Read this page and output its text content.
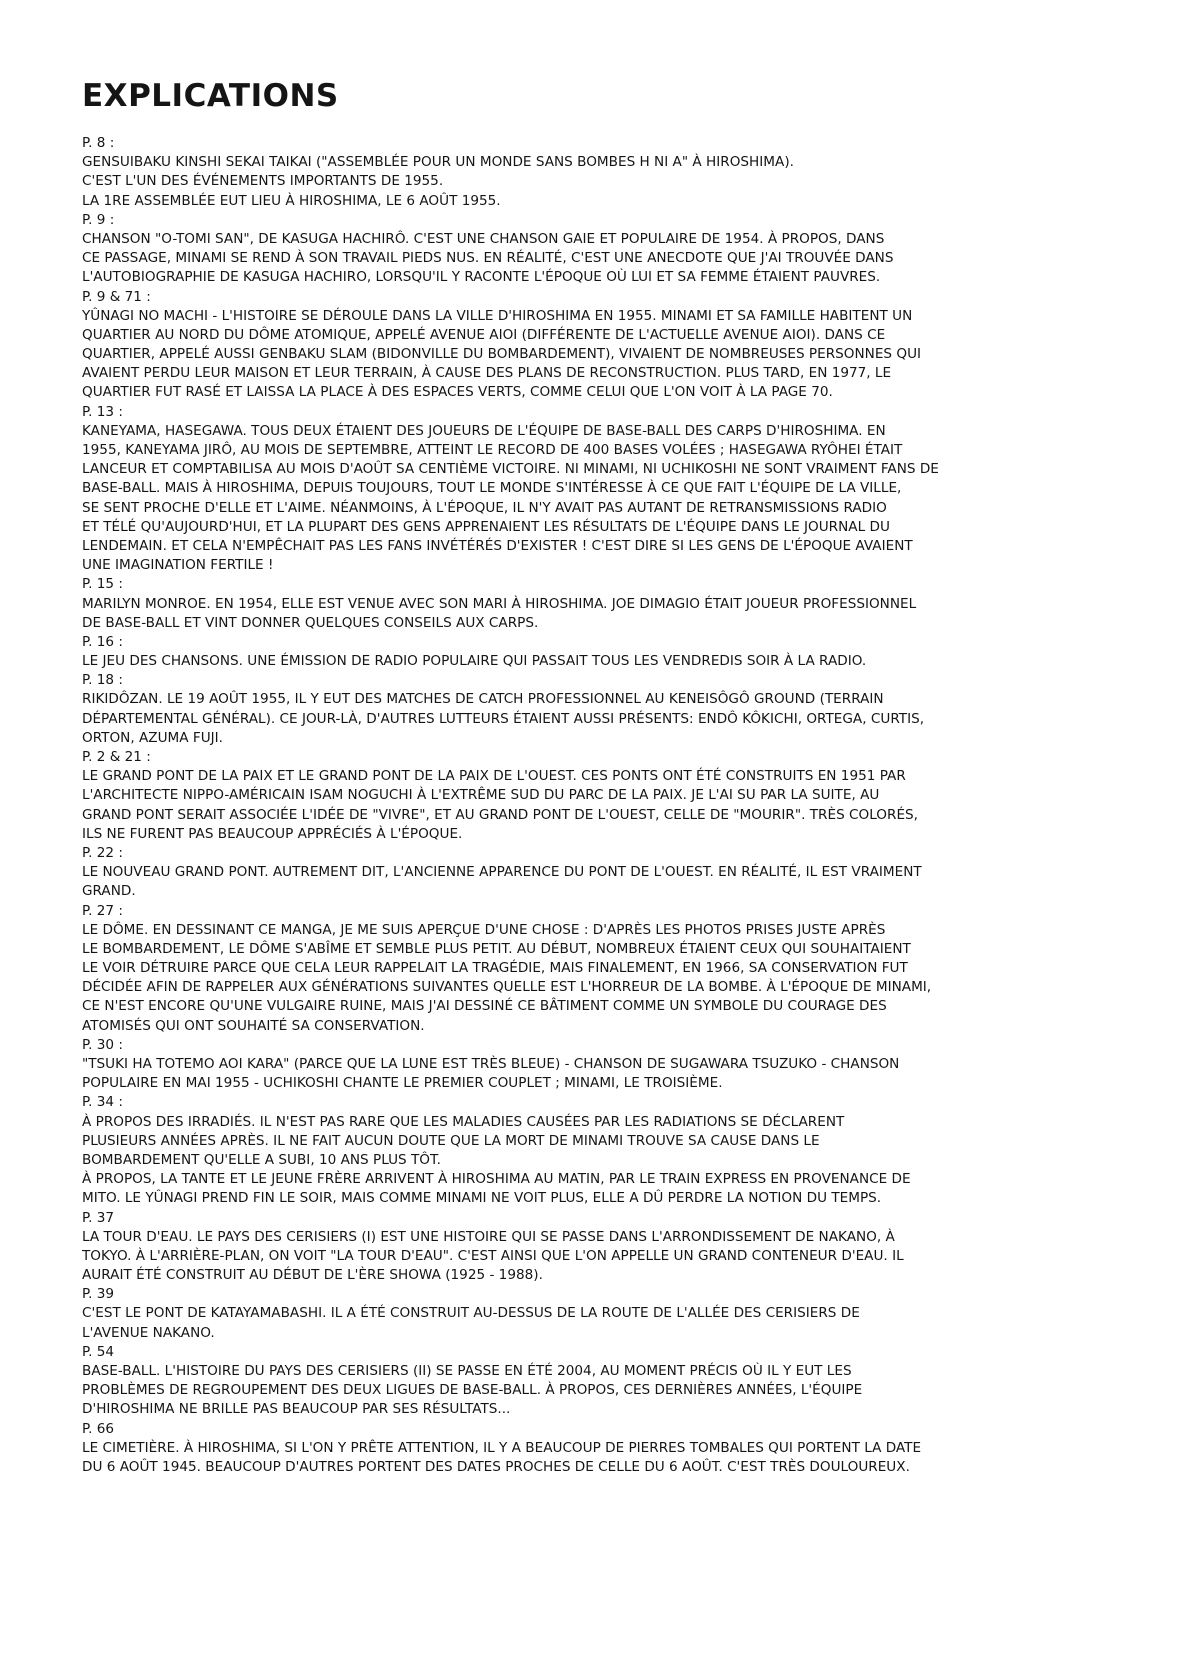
EXPLICATIONS
P. 8 :
GENSUIBAKU KINSHI SEKAI TAIKAI ("ASSEMBLÉE POUR UN MONDE SANS BOMBES H NI A" À HIROSHIMA).
C'EST L'UN DES ÉVÉNEMENTS IMPORTANTS DE 1955.
LA 1RE ASSEMBLÉE EUT LIEU À HIROSHIMA, LE 6 AOÛT 1955.
P. 9 :
CHANSON "O-TOMI SAN", DE KASUGA HACHIRÔ. C'EST UNE CHANSON GAIE ET POPULAIRE DE 1954. À PROPOS, DANS
CE PASSAGE, MINAMI SE REND À SON TRAVAIL PIEDS NUS. EN RÉALITÉ, C'EST UNE ANECDOTE QUE J'AI TROUVÉE DANS
L'AUTOBIOGRAPHIE DE KASUGA HACHIRO, LORSQU'IL Y RACONTE L'ÉPOQUE OÙ LUI ET SA FEMME ÉTAIENT PAUVRES.
P. 9 & 71 :
YÛNAGI NO MACHI - L'HISTOIRE SE DÉROULE DANS LA VILLE D'HIROSHIMA EN 1955. MINAMI ET SA FAMILLE HABITENT UN
QUARTIER AU NORD DU DÔME ATOMIQUE, APPELÉ AVENUE AIOI (DIFFÉRENTE DE L'ACTUELLE AVENUE AIOI). DANS CE
QUARTIER, APPELÉ AUSSI GENBAKU SLAM (BIDONVILLE DU BOMBARDEMENT), VIVAIENT DE NOMBREUSES PERSONNES QUI
AVAIENT PERDU LEUR MAISON ET LEUR TERRAIN, À CAUSE DES PLANS DE RECONSTRUCTION. PLUS TARD, EN 1977, LE
QUARTIER FUT RASÉ ET LAISSA LA PLACE À DES ESPACES VERTS, COMME CELUI QUE L'ON VOIT À LA PAGE 70.
P. 13 :
KANEYAMA, HASEGAWA. TOUS DEUX ÉTAIENT DES JOUEURS DE L'ÉQUIPE DE BASE-BALL DES CARPS D'HIROSHIMA. EN
1955, KANEYAMA JIRÔ, AU MOIS DE SEPTEMBRE, ATTEINT LE RECORD DE 400 BASES VOLÉES ; HASEGAWA RYÔHEI ÉTAIT
LANCEUR ET COMPTABILISA AU MOIS D'AOÛT SA CENTIÈME VICTOIRE. NI MINAMI, NI UCHIKOSHI NE SONT VRAIMENT FANS DE
BASE-BALL. MAIS À HIROSHIMA, DEPUIS TOUJOURS, TOUT LE MONDE S'INTÉRESSE À CE QUE FAIT L'ÉQUIPE DE LA VILLE,
SE SENT PROCHE D'ELLE ET L'AIME. NÉANMOINS, À L'ÉPOQUE, IL N'Y AVAIT PAS AUTANT DE RETRANSMISSIONS RADIO
ET TÉLÉ QU'AUJOURD'HUI, ET LA PLUPART DES GENS APPRENAIENT LES RÉSULTATS DE L'ÉQUIPE DANS LE JOURNAL DU
LENDEMAIN. ET CELA N'EMPÊCHAIT PAS LES FANS INVÉTÉRÉS D'EXISTER ! C'EST DIRE SI LES GENS DE L'ÉPOQUE AVAIENT
UNE IMAGINATION FERTILE !
P. 15 :
MARILYN MONROE. EN 1954, ELLE EST VENUE AVEC SON MARI À HIROSHIMA. JOE DIMAGIO ÉTAIT JOUEUR PROFESSIONNEL
DE BASE-BALL ET VINT DONNER QUELQUES CONSEILS AUX CARPS.
P. 16 :
LE JEU DES CHANSONS. UNE ÉMISSION DE RADIO POPULAIRE QUI PASSAIT TOUS LES VENDREDIS SOIR À LA RADIO.
P. 18 :
RIKIDÔZAN. LE 19 AOÛT 1955, IL Y EUT DES MATCHES DE CATCH PROFESSIONNEL AU KENEISÔGÔ GROUND (TERRAIN
DÉPARTEMENTAL GÉNÉRAL). CE JOUR-LÀ, D'AUTRES LUTTEURS ÉTAIENT AUSSI PRÉSENTS: ENDÔ KÔKICHI, ORTEGA, CURTIS,
ORTON, AZUMA FUJI.
P. 2 & 21 :
LE GRAND PONT DE LA PAIX ET LE GRAND PONT DE LA PAIX DE L'OUEST. CES PONTS ONT ÉTÉ CONSTRUITS EN 1951 PAR
L'ARCHITECTE NIPPO-AMÉRICAIN ISAM NOGUCHI À L'EXTRÊME SUD DU PARC DE LA PAIX. JE L'AI SU PAR LA SUITE, AU
GRAND PONT SERAIT ASSOCIÉE L'IDÉE DE "VIVRE", ET AU GRAND PONT DE L'OUEST, CELLE DE "MOURIR". TRÈS COLORÉS,
ILS NE FURENT PAS BEAUCOUP APPRÉCIÉS À L'ÉPOQUE.
P. 22 :
LE NOUVEAU GRAND PONT. AUTREMENT DIT, L'ANCIENNE APPARENCE DU PONT DE L'OUEST. EN RÉALITÉ, IL EST VRAIMENT
GRAND.
P. 27 :
LE DÔME. EN DESSINANT CE MANGA, JE ME SUIS APERÇUE D'UNE CHOSE : D'APRÈS LES PHOTOS PRISES JUSTE APRÈS
LE BOMBARDEMENT, LE DÔME S'ABÎME ET SEMBLE PLUS PETIT. AU DÉBUT, NOMBREUX ÉTAIENT CEUX QUI SOUHAITAIENT
LE VOIR DÉTRUIRE PARCE QUE CELA LEUR RAPPELAIT LA TRAGÉDIE, MAIS FINALEMENT, EN 1966, SA CONSERVATION FUT
DÉCIDÉE AFIN DE RAPPELER AUX GÉNÉRATIONS SUIVANTES QUELLE EST L'HORREUR DE LA BOMBE. À L'ÉPOQUE DE MINAMI,
CE N'EST ENCORE QU'UNE VULGAIRE RUINE, MAIS J'AI DESSINÉ CE BÂTIMENT COMME UN SYMBOLE DU COURAGE DES
ATOMISÉS QUI ONT SOUHAITÉ SA CONSERVATION.
P. 30 :
"TSUKI HA TOTEMO AOI KARA" (PARCE QUE LA LUNE EST TRÈS BLEUE) - CHANSON DE SUGAWARA TSUZUKO - CHANSON
POPULAIRE EN MAI 1955 - UCHIKOSHI CHANTE LE PREMIER COUPLET ; MINAMI, LE TROISIÈME.
P. 34 :
À PROPOS DES IRRADIÉS. IL N'EST PAS RARE QUE LES MALADIES CAUSÉES PAR LES RADIATIONS SE DÉCLARENT
PLUSIEURS ANNÉES APRÈS. IL NE FAIT AUCUN DOUTE QUE LA MORT DE MINAMI TROUVE SA CAUSE DANS LE
BOMBARDEMENT QU'ELLE A SUBI, 10 ANS PLUS TÔT.
À PROPOS, LA TANTE ET LE JEUNE FRÈRE ARRIVENT À HIROSHIMA AU MATIN, PAR LE TRAIN EXPRESS EN PROVENANCE DE
MITO. LE YÛNAGI PREND FIN LE SOIR, MAIS COMME MINAMI NE VOIT PLUS, ELLE A DÛ PERDRE LA NOTION DU TEMPS.
P. 37
LA TOUR D'EAU. LE PAYS DES CERISIERS (I) EST UNE HISTOIRE QUI SE PASSE DANS L'ARRONDISSEMENT DE NAKANO, À
TOKYO. À L'ARRIÈRE-PLAN, ON VOIT "LA TOUR D'EAU". C'EST AINSI QUE L'ON APPELLE UN GRAND CONTENEUR D'EAU. IL
AURAIT ÉTÉ CONSTRUIT AU DÉBUT DE L'ÈRE SHOWA (1925 - 1988).
P. 39
C'EST LE PONT DE KATAYAMABASHI. IL A ÉTÉ CONSTRUIT AU-DESSUS DE LA ROUTE DE L'ALLÉE DES CERISIERS DE
L'AVENUE NAKANO.
P. 54
BASE-BALL. L'HISTOIRE DU PAYS DES CERISIERS (II) SE PASSE EN ÉTÉ 2004, AU MOMENT PRÉCIS OÙ IL Y EUT LES
PROBLÈMES DE REGROUPEMENT DES DEUX LIGUES DE BASE-BALL. À PROPOS, CES DERNIÈRES ANNÉES, L'ÉQUIPE
D'HIROSHIMA NE BRILLE PAS BEAUCOUP PAR SES RÉSULTATS...
P. 66
LE CIMETIÈRE. À HIROSHIMA, SI L'ON Y PRÊTE ATTENTION, IL Y A BEAUCOUP DE PIERRES TOMBALES QUI PORTENT LA DATE
DU 6 AOÛT 1945. BEAUCOUP D'AUTRES PORTENT DES DATES PROCHES DE CELLE DU 6 AOÛT. C'EST TRÈS DOULOUREUX.
